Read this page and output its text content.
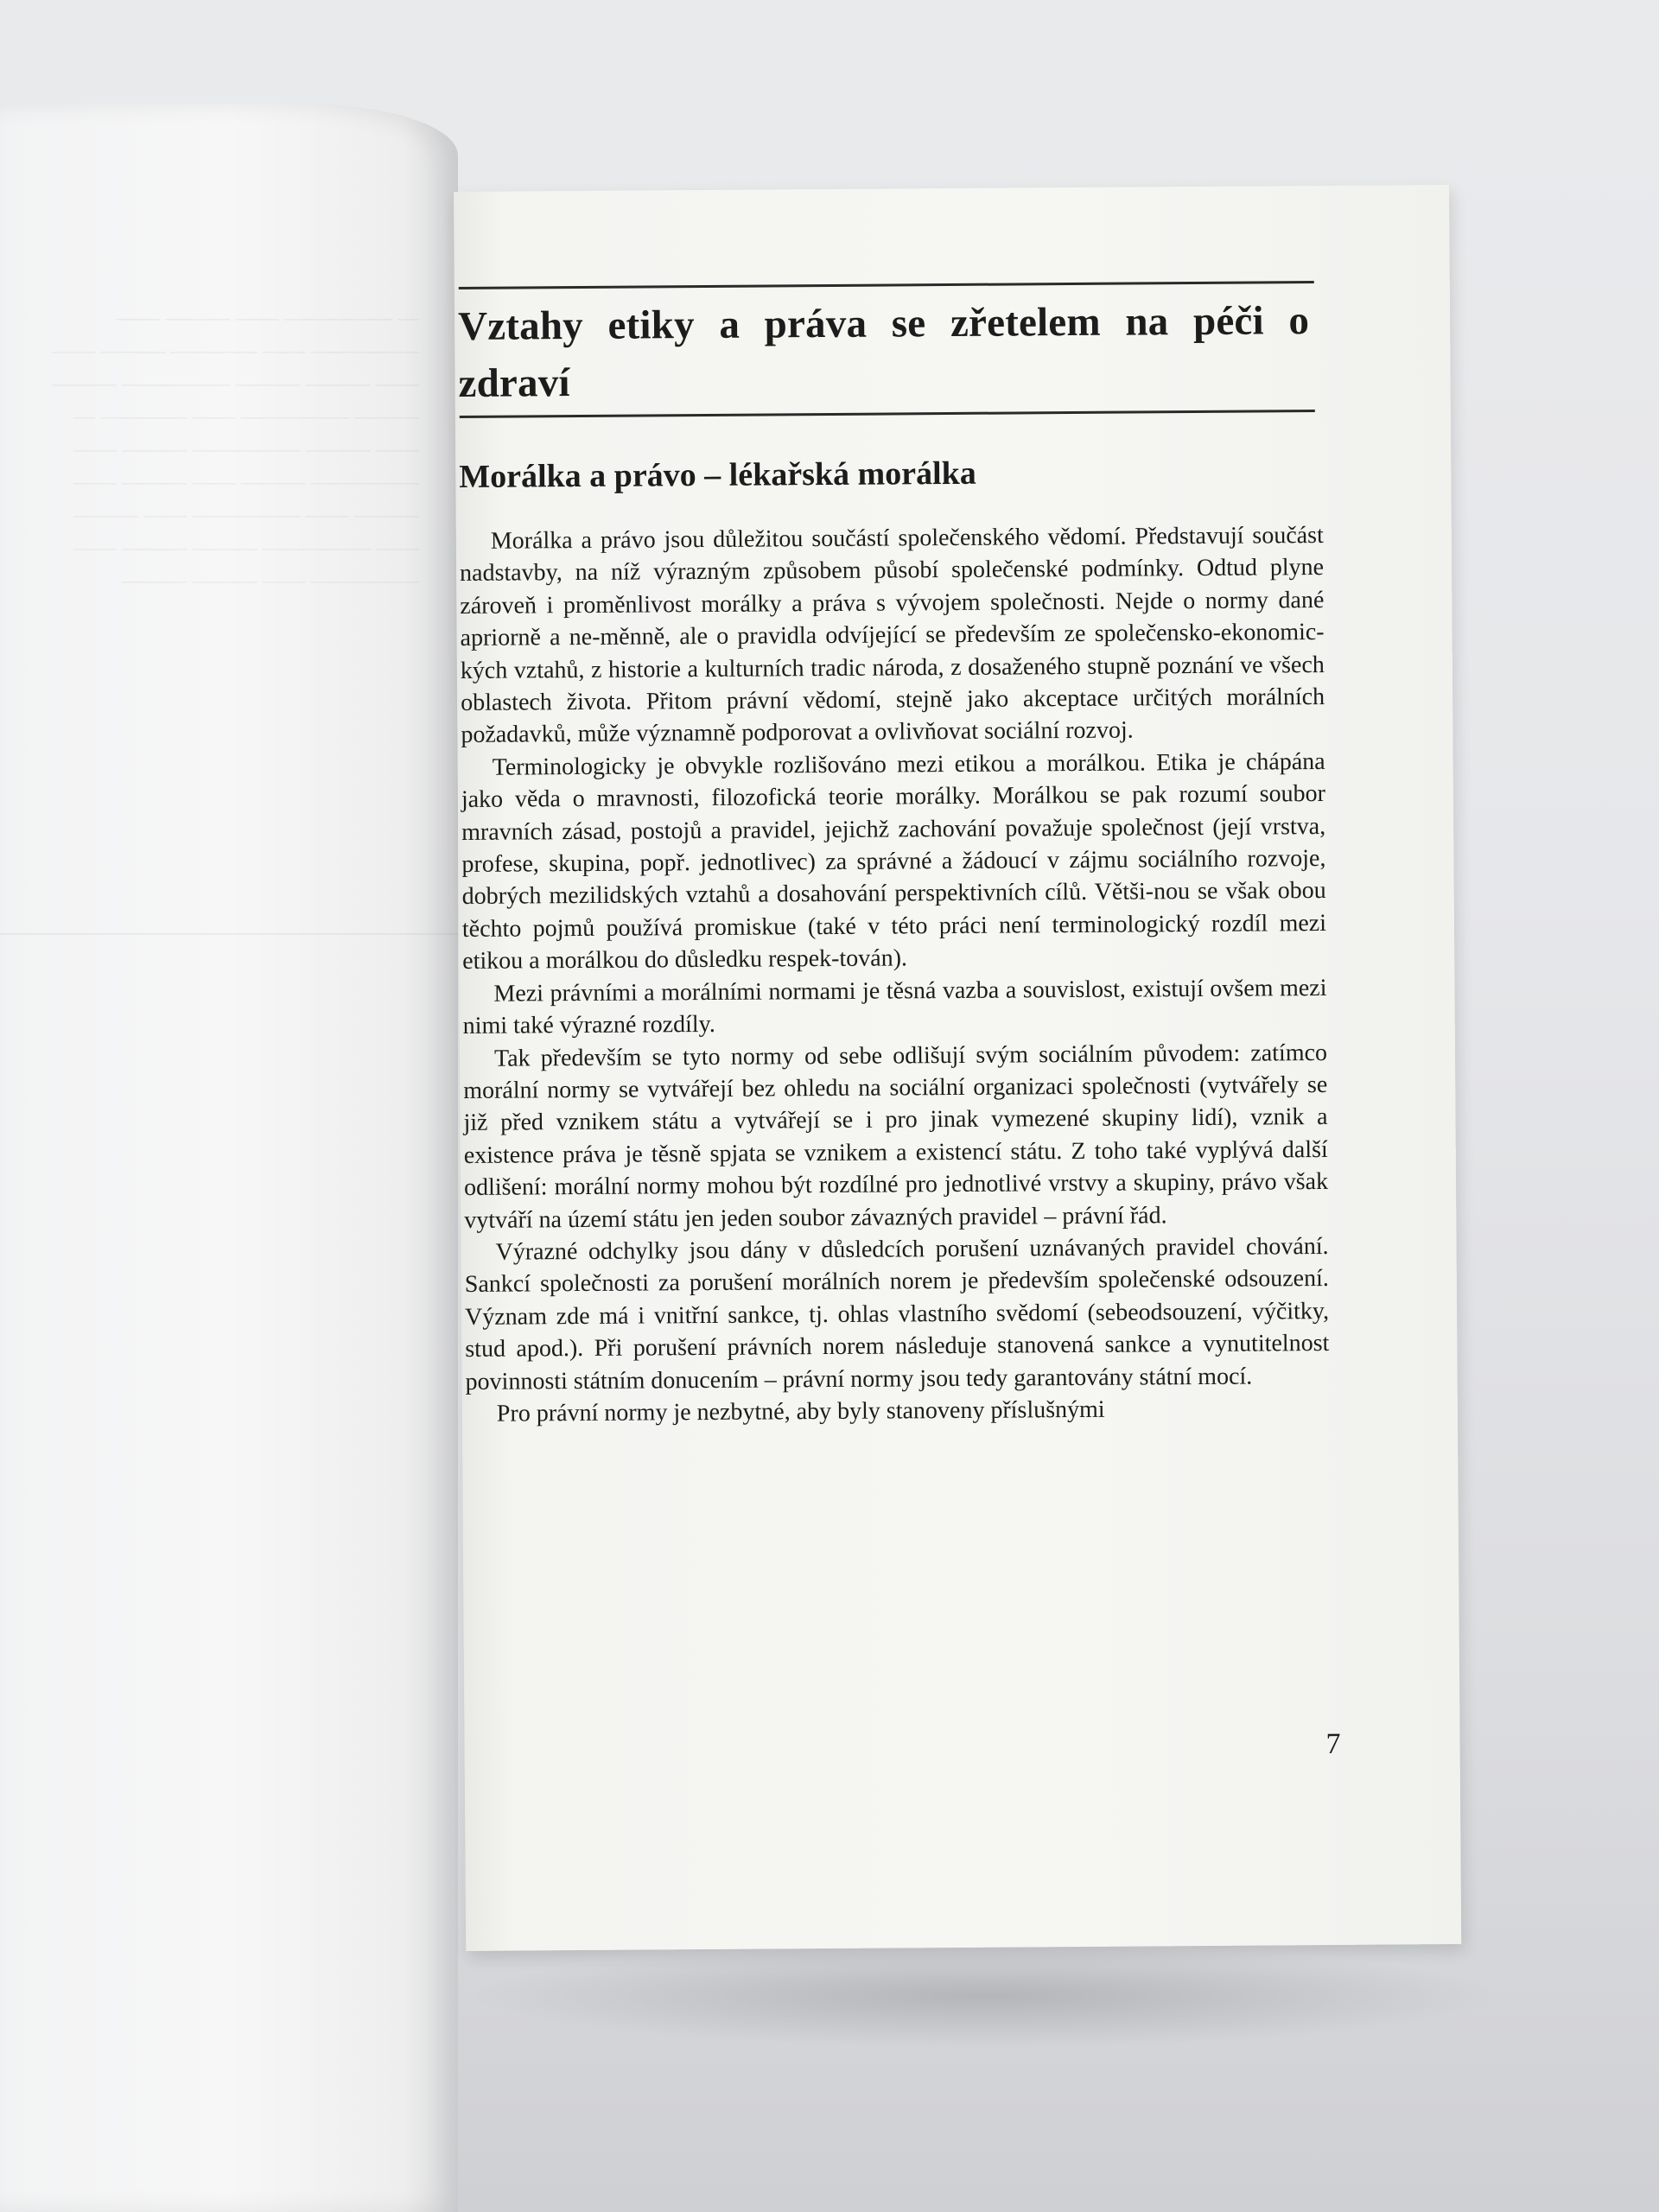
— ————— —— ——— ——
————— —— ———— ——— ——
—— ——— ——— ————— ———
——— ————— —— ———— —
—— ——— ————— ——— ——
————— ——— —— ——— ——
——— —— ————— —— ———
—— ————— ——— ——— ——
————— —— ——— ———
Vztahy etiky a práva se zřetelem na péči o zdraví
Morálka a právo – lékařská morálka

Morálka a právo jsou důležitou součástí společenského vědomí. Představují součást nadstavby, na níž výrazným způsobem působí společenské podmínky. Odtud plyne zároveň i proměnlivost morálky a práva s vývojem společnosti. Nejde o normy dané apriorně a ne-měnně, ale o pravidla odvíjející se především ze společensko-ekonomic-kých vztahů, z historie a kulturních tradic národa, z dosaženého stupně poznání ve všech oblastech života. Přitom právní vědomí, stejně jako akceptace určitých morálních požadavků, může významně podporovat a ovlivňovat sociální rozvoj.

Terminologicky je obvykle rozlišováno mezi etikou a morálkou. Etika je chápána jako věda o mravnosti, filozofická teorie morálky. Morálkou se pak rozumí soubor mravních zásad, postojů a pravidel, jejichž zachování považuje společnost (její vrstva, profese, skupina, popř. jednotlivec) za správné a žádoucí v zájmu sociálního rozvoje, dobrých mezilidských vztahů a dosahování perspektivních cílů. Větši-nou se však obou těchto pojmů používá promiskue (také v této práci není terminologický rozdíl mezi etikou a morálkou do důsledku respek-tován).

Mezi právními a morálními normami je těsná vazba a souvislost, existují ovšem mezi nimi také výrazné rozdíly.

Tak především se tyto normy od sebe odlišují svým sociálním původem: zatímco morální normy se vytvářejí bez ohledu na sociální organizaci společnosti (vytvářely se již před vznikem státu a vytvářejí se i pro jinak vymezené skupiny lidí), vznik a existence práva je těsně spjata se vznikem a existencí státu. Z toho také vyplývá další odlišení: morální normy mohou být rozdílné pro jednotlivé vrstvy a skupiny, právo však vytváří na území státu jen jeden soubor závazných pravidel – právní řád.

Výrazné odchylky jsou dány v důsledcích porušení uznávaných pravidel chování. Sankcí společnosti za porušení morálních norem je především společenské odsouzení. Význam zde má i vnitřní sankce, tj. ohlas vlastního svědomí (sebeodsouzení, výčitky, stud apod.). Při porušení právních norem následuje stanovená sankce a vynutitelnost povinnosti státním donucením – právní normy jsou tedy garantovány státní mocí.

Pro právní normy je nezbytné, aby byly stanoveny příslušnými

7
